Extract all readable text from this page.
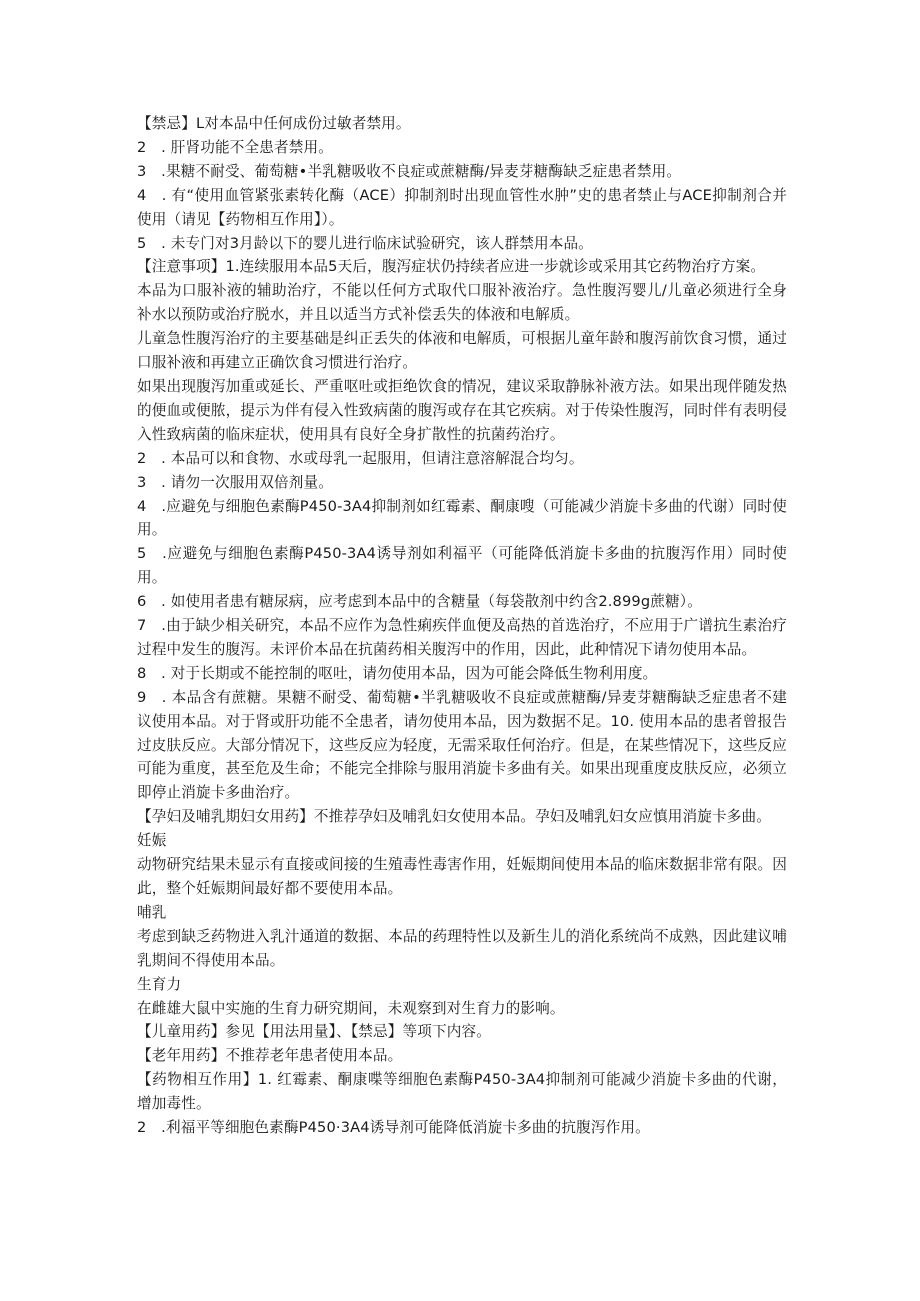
【禁忌】L对本品中任何成份过敏者禁用。

2　. 肝肾功能不全患者禁用。

3　.果糖不耐受、葡萄糖•半乳糖吸收不良症或蔗糖酶/异麦芽糖酶缺乏症患者禁用。

4　. 有“使用血管紧张素转化酶（ACE）抑制剂时出现血管性水肿”史的患者禁止与ACE抑制剂合并使用（请见【药物相互作用】）。

5　. 未专门对3月龄以下的婴儿进行临床试验研究，该人群禁用本品。

【注意事项】1.连续服用本品5天后，腹泻症状仍持续者应进一步就诊或采用其它药物治疗方案。

本品为口服补液的辅助治疗，不能以任何方式取代口服补液治疗。急性腹泻婴儿/儿童必须进行全身补水以预防或治疗脱水，并且以适当方式补偿丢失的体液和电解质。

儿童急性腹泻治疗的主要基础是纠正丢失的体液和电解质，可根据儿童年龄和腹泻前饮食习惯，通过口服补液和再建立正确饮食习惯进行治疗。

如果出现腹泻加重或延长、严重呕吐或拒绝饮食的情况，建议采取静脉补液方法。如果出现伴随发热的便血或便脓，提示为伴有侵入性致病菌的腹泻或存在其它疾病。对于传染性腹泻，同时伴有表明侵入性致病菌的临床症状，使用具有良好全身扩散性的抗菌药治疗。

2　. 本品可以和食物、水或母乳一起服用，但请注意溶解混合均匀。

3　. 请勿一次服用双倍剂量。

4　.应避免与细胞色素酶P450-3A4抑制剂如红霉素、酮康嗖（可能减少消旋卡多曲的代谢）同时使用。

5　.应避免与细胞色素酶P450-3A4诱导剂如利福平（可能降低消旋卡多曲的抗腹泻作用）同时使用。

6　. 如使用者患有糖尿病，应考虑到本品中的含糖量（每袋散剂中约含2.899g蔗糖）。

7　.由于缺少相关研究，本品不应作为急性痢疾伴血便及高热的首选治疗，不应用于广谱抗生素治疗过程中发生的腹泻。未评价本品在抗菌药相关腹泻中的作用，因此，此种情况下请勿使用本品。

8　. 对于长期或不能控制的呕吐，请勿使用本品，因为可能会降低生物利用度。

9　. 本品含有蔗糖。果糖不耐受、葡萄糖•半乳糖吸收不良症或蔗糖酶/异麦芽糖酶缺乏症患者不建议使用本品。对于肾或肝功能不全患者，请勿使用本品，因为数据不足。10. 使用本品的患者曾报告过皮肤反应。大部分情况下，这些反应为轻度，无需采取任何治疗。但是，在某些情况下，这些反应可能为重度，甚至危及生命；不能完全排除与服用消旋卡多曲有关。如果出现重度皮肤反应，必须立即停止消旋卡多曲治疗。

【孕妇及哺乳期妇女用药】不推荐孕妇及哺乳妇女使用本品。孕妇及哺乳妇女应慎用消旋卡多曲。

妊娠

动物研究结果未显示有直接或间接的生殖毒性毒害作用，妊娠期间使用本品的临床数据非常有限。因此，整个妊娠期间最好都不要使用本品。

哺乳

考虑到缺乏药物进入乳汁通道的数据、本品的药理特性以及新生儿的消化系统尚不成熟，因此建议哺乳期间不得使用本品。

生育力

在雌雄大鼠中实施的生育力研究期间，未观察到对生育力的影响。

【儿童用药】参见【用法用量】、【禁忌】等项下内容。

【老年用药】不推荐老年患者使用本品。

【药物相互作用】1. 红霉素、酮康喋等细胞色素酶P450-3A4抑制剂可能减少消旋卡多曲的代谢，增加毒性。

2　.利福平等细胞色素酶P450·3A4诱导剂可能降低消旋卡多曲的抗腹泻作用。
